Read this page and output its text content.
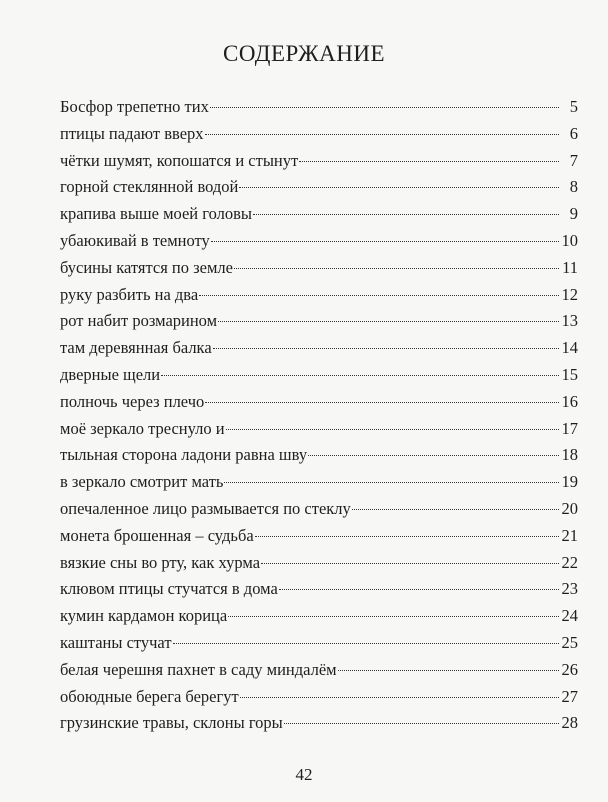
СОДЕРЖАНИЕ
Босфор трепетно тих	5
птицы падают вверх	6
чётки шумят, копошатся и стынут	7
горной стеклянной водой	8
крапива выше моей головы	9
убаюкивай в темноту	10
бусины катятся по земле	11
руку разбить на два	12
рот набит розмарином	13
там деревянная балка	14
дверные щели	15
полночь через плечо	16
моё зеркало треснуло и	17
тыльная сторона ладони равна шву	18
в зеркало смотрит мать	19
опечаленное лицо размывается по стеклу	20
монета брошенная – судьба	21
вязкие сны во рту, как хурма	22
клювом птицы стучатся в дома	23
кумин кардамон корица	24
каштаны стучат	25
белая черешня пахнет в саду миндалём	26
обоюдные берега берегут	27
грузинские травы, склоны горы	28
42
